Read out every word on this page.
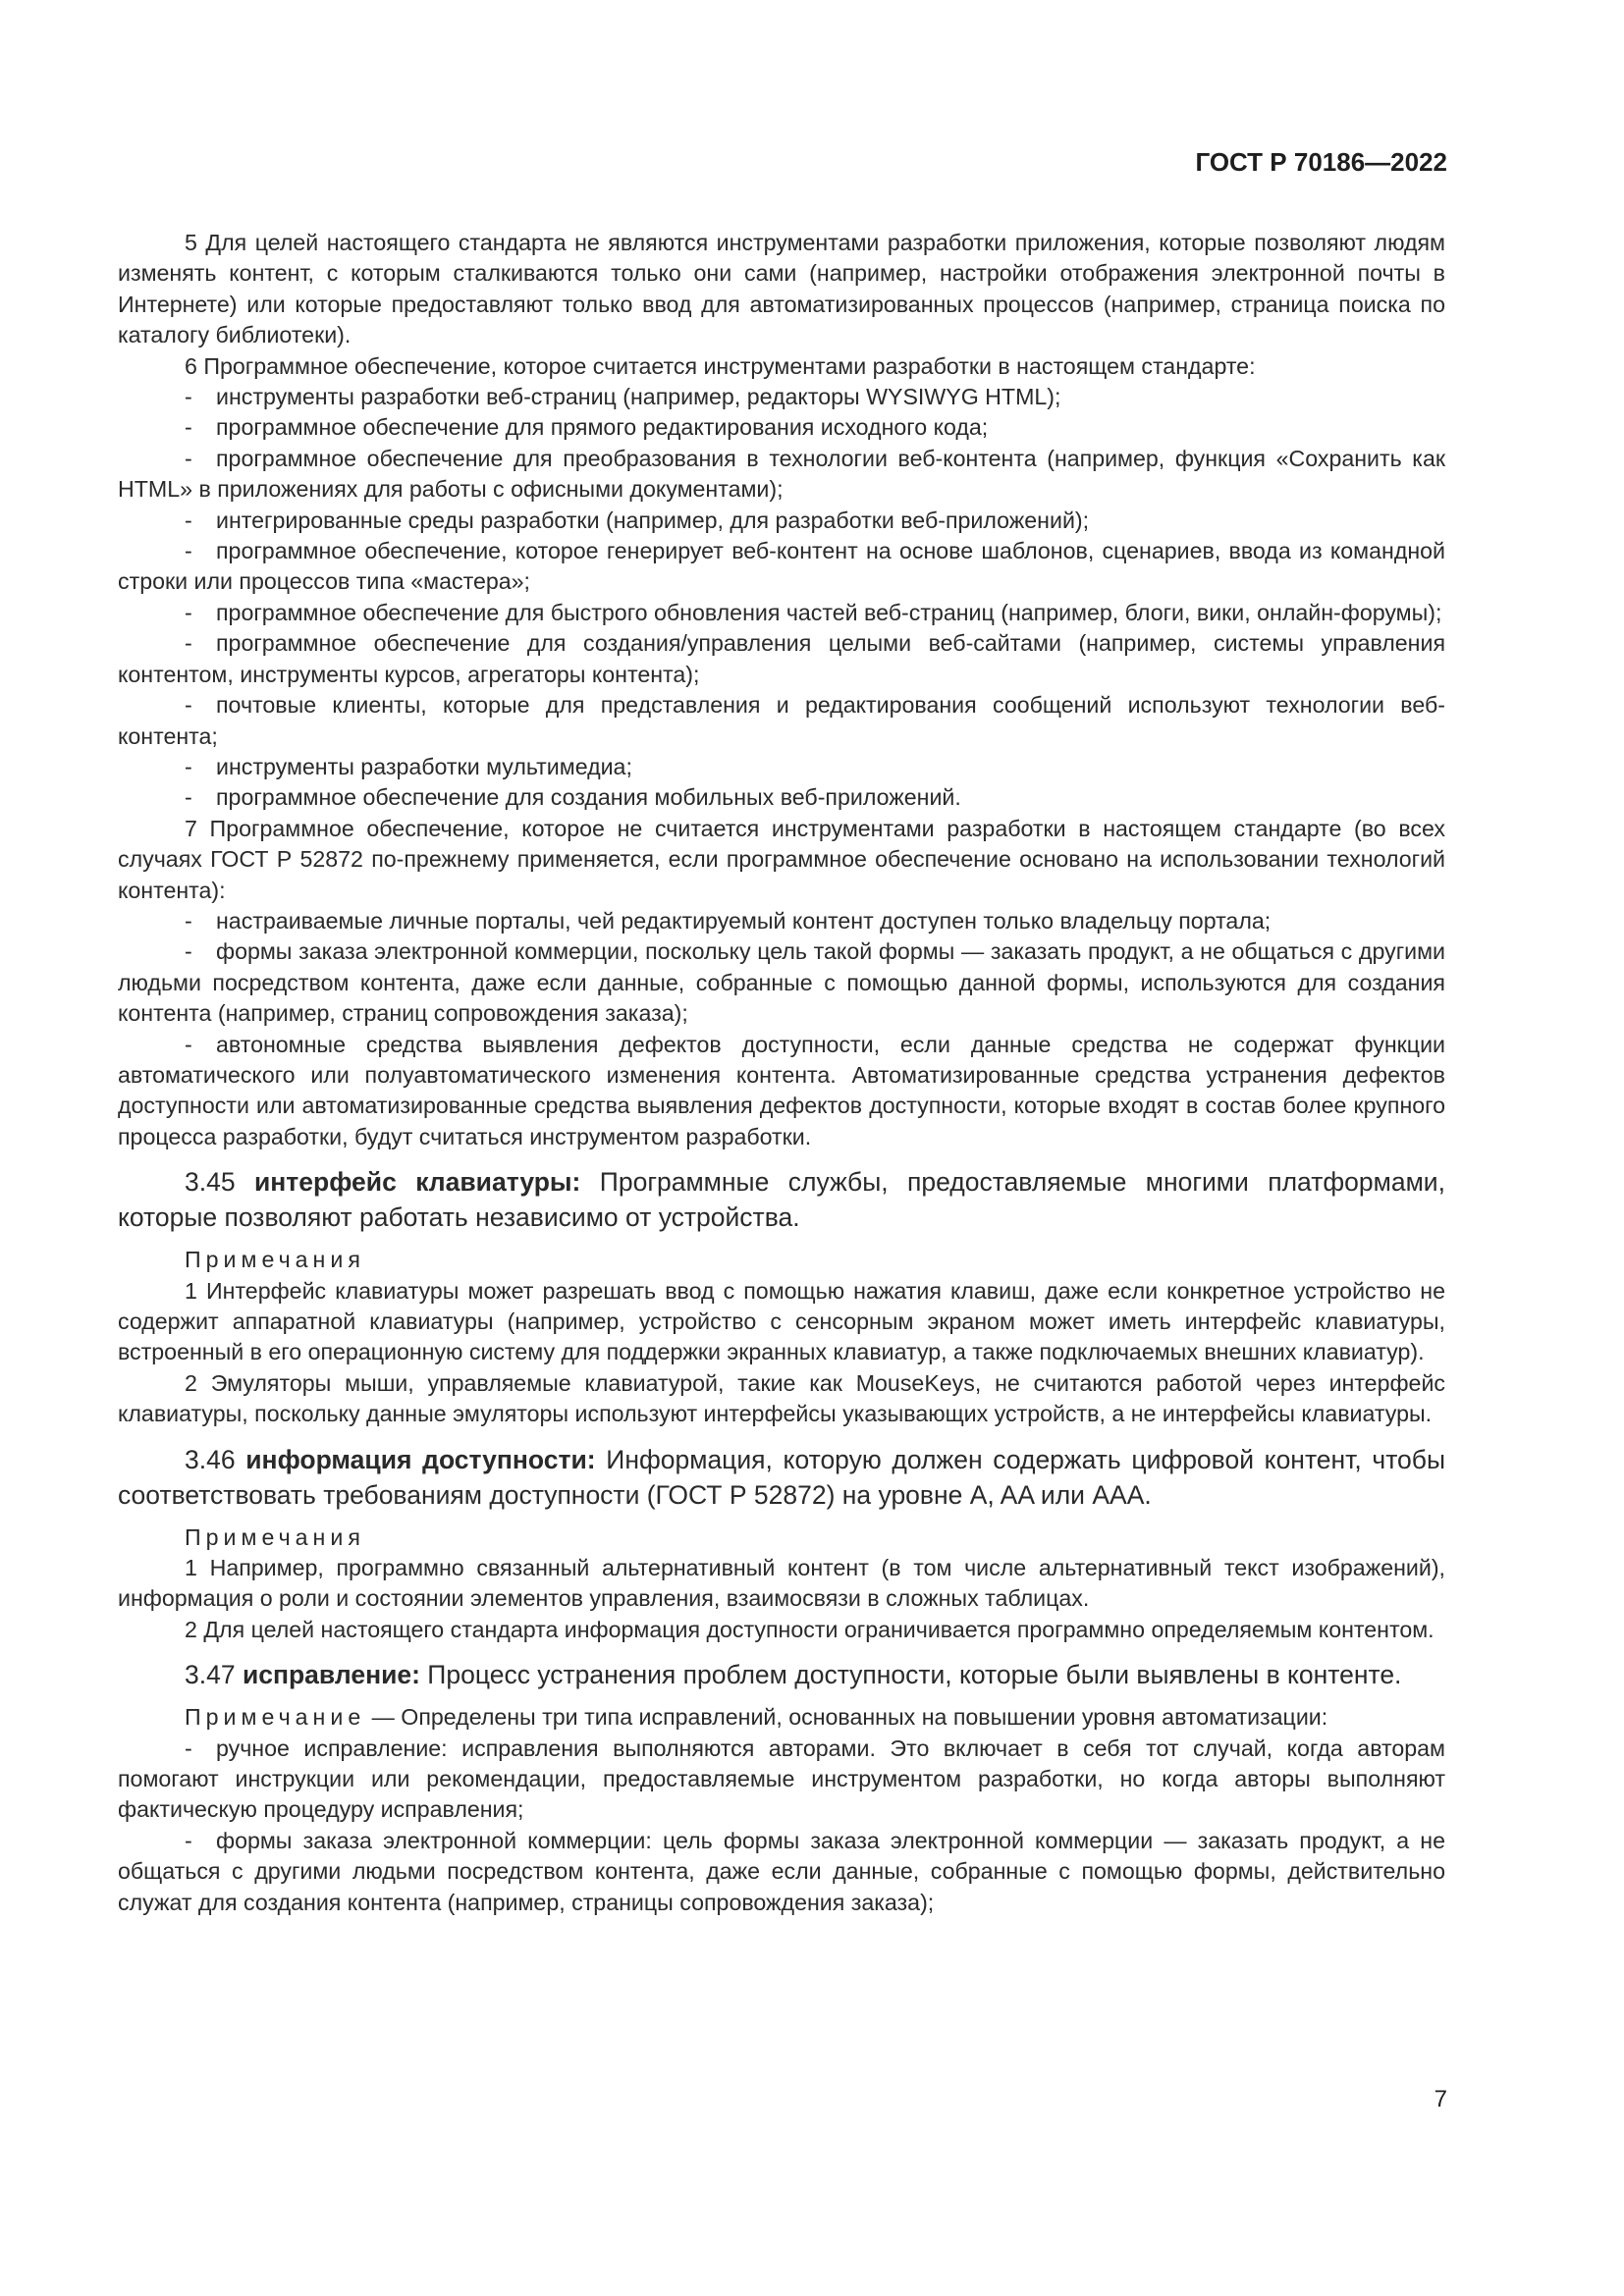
ГОСТ Р 70186—2022

5 Для целей настоящего стандарта не являются инструментами разработки приложения, которые позволяют людям изменять контент, с которым сталкиваются только они сами (например, настройки отображения электронной почты в Интернете) или которые предоставляют только ввод для автоматизированных процессов (например, страница поиска по каталогу библиотеки).

6 Программное обеспечение, которое считается инструментами разработки в настоящем стандарте:

- инструменты разработки веб-страниц (например, редакторы WYSIWYG HTML);

- программное обеспечение для прямого редактирования исходного кода;

- программное обеспечение для преобразования в технологии веб-контента (например, функция «Сохранить как HTML» в приложениях для работы с офисными документами);

- интегрированные среды разработки (например, для разработки веб-приложений);

- программное обеспечение, которое генерирует веб-контент на основе шаблонов, сценариев, ввода из командной строки или процессов типа «мастера»;

- программное обеспечение для быстрого обновления частей веб-страниц (например, блоги, вики, онлайн-форумы);

- программное обеспечение для создания/управления целыми веб-сайтами (например, системы управления контентом, инструменты курсов, агрегаторы контента);

- почтовые клиенты, которые для представления и редактирования сообщений используют технологии веб-контента;

- инструменты разработки мультимедиа;

- программное обеспечение для создания мобильных веб-приложений.

7 Программное обеспечение, которое не считается инструментами разработки в настоящем стандарте (во всех случаях ГОСТ Р 52872 по-прежнему применяется, если программное обеспечение основано на использовании технологий контента):

- настраиваемые личные порталы, чей редактируемый контент доступен только владельцу портала;

- формы заказа электронной коммерции, поскольку цель такой формы — заказать продукт, а не общаться с другими людьми посредством контента, даже если данные, собранные с помощью данной формы, используются для создания контента (например, страниц сопровождения заказа);

- автономные средства выявления дефектов доступности, если данные средства не содержат функции автоматического или полуавтоматического изменения контента. Автоматизированные средства устранения дефектов доступности или автоматизированные средства выявления дефектов доступности, которые входят в состав более крупного процесса разработки, будут считаться инструментом разработки.

3.45 интерфейс клавиатуры: Программные службы, предоставляемые многими платформами, которые позволяют работать независимо от устройства.

Примечания

1 Интерфейс клавиатуры может разрешать ввод с помощью нажатия клавиш, даже если конкретное устройство не содержит аппаратной клавиатуры (например, устройство с сенсорным экраном может иметь интерфейс клавиатуры, встроенный в его операционную систему для поддержки экранных клавиатур, а также подключаемых внешних клавиатур).

2 Эмуляторы мыши, управляемые клавиатурой, такие как MouseKeys, не считаются работой через интерфейс клавиатуры, поскольку данные эмуляторы используют интерфейсы указывающих устройств, а не интерфейсы клавиатуры.

3.46 информация доступности: Информация, которую должен содержать цифровой контент, чтобы соответствовать требованиям доступности (ГОСТ Р 52872) на уровне A, AA или AAA.

Примечания

1 Например, программно связанный альтернативный контент (в том числе альтернативный текст изображений), информация о роли и состоянии элементов управления, взаимосвязи в сложных таблицах.

2 Для целей настоящего стандарта информация доступности ограничивается программно определяемым контентом.

3.47 исправление: Процесс устранения проблем доступности, которые были выявлены в контенте.

Примечание — Определены три типа исправлений, основанных на повышении уровня автоматизации:

- ручное исправление: исправления выполняются авторами. Это включает в себя тот случай, когда авторам помогают инструкции или рекомендации, предоставляемые инструментом разработки, но когда авторы выполняют фактическую процедуру исправления;

- формы заказа электронной коммерции: цель формы заказа электронной коммерции — заказать продукт, а не общаться с другими людьми посредством контента, даже если данные, собранные с помощью формы, действительно служат для создания контента (например, страницы сопровождения заказа);

7
